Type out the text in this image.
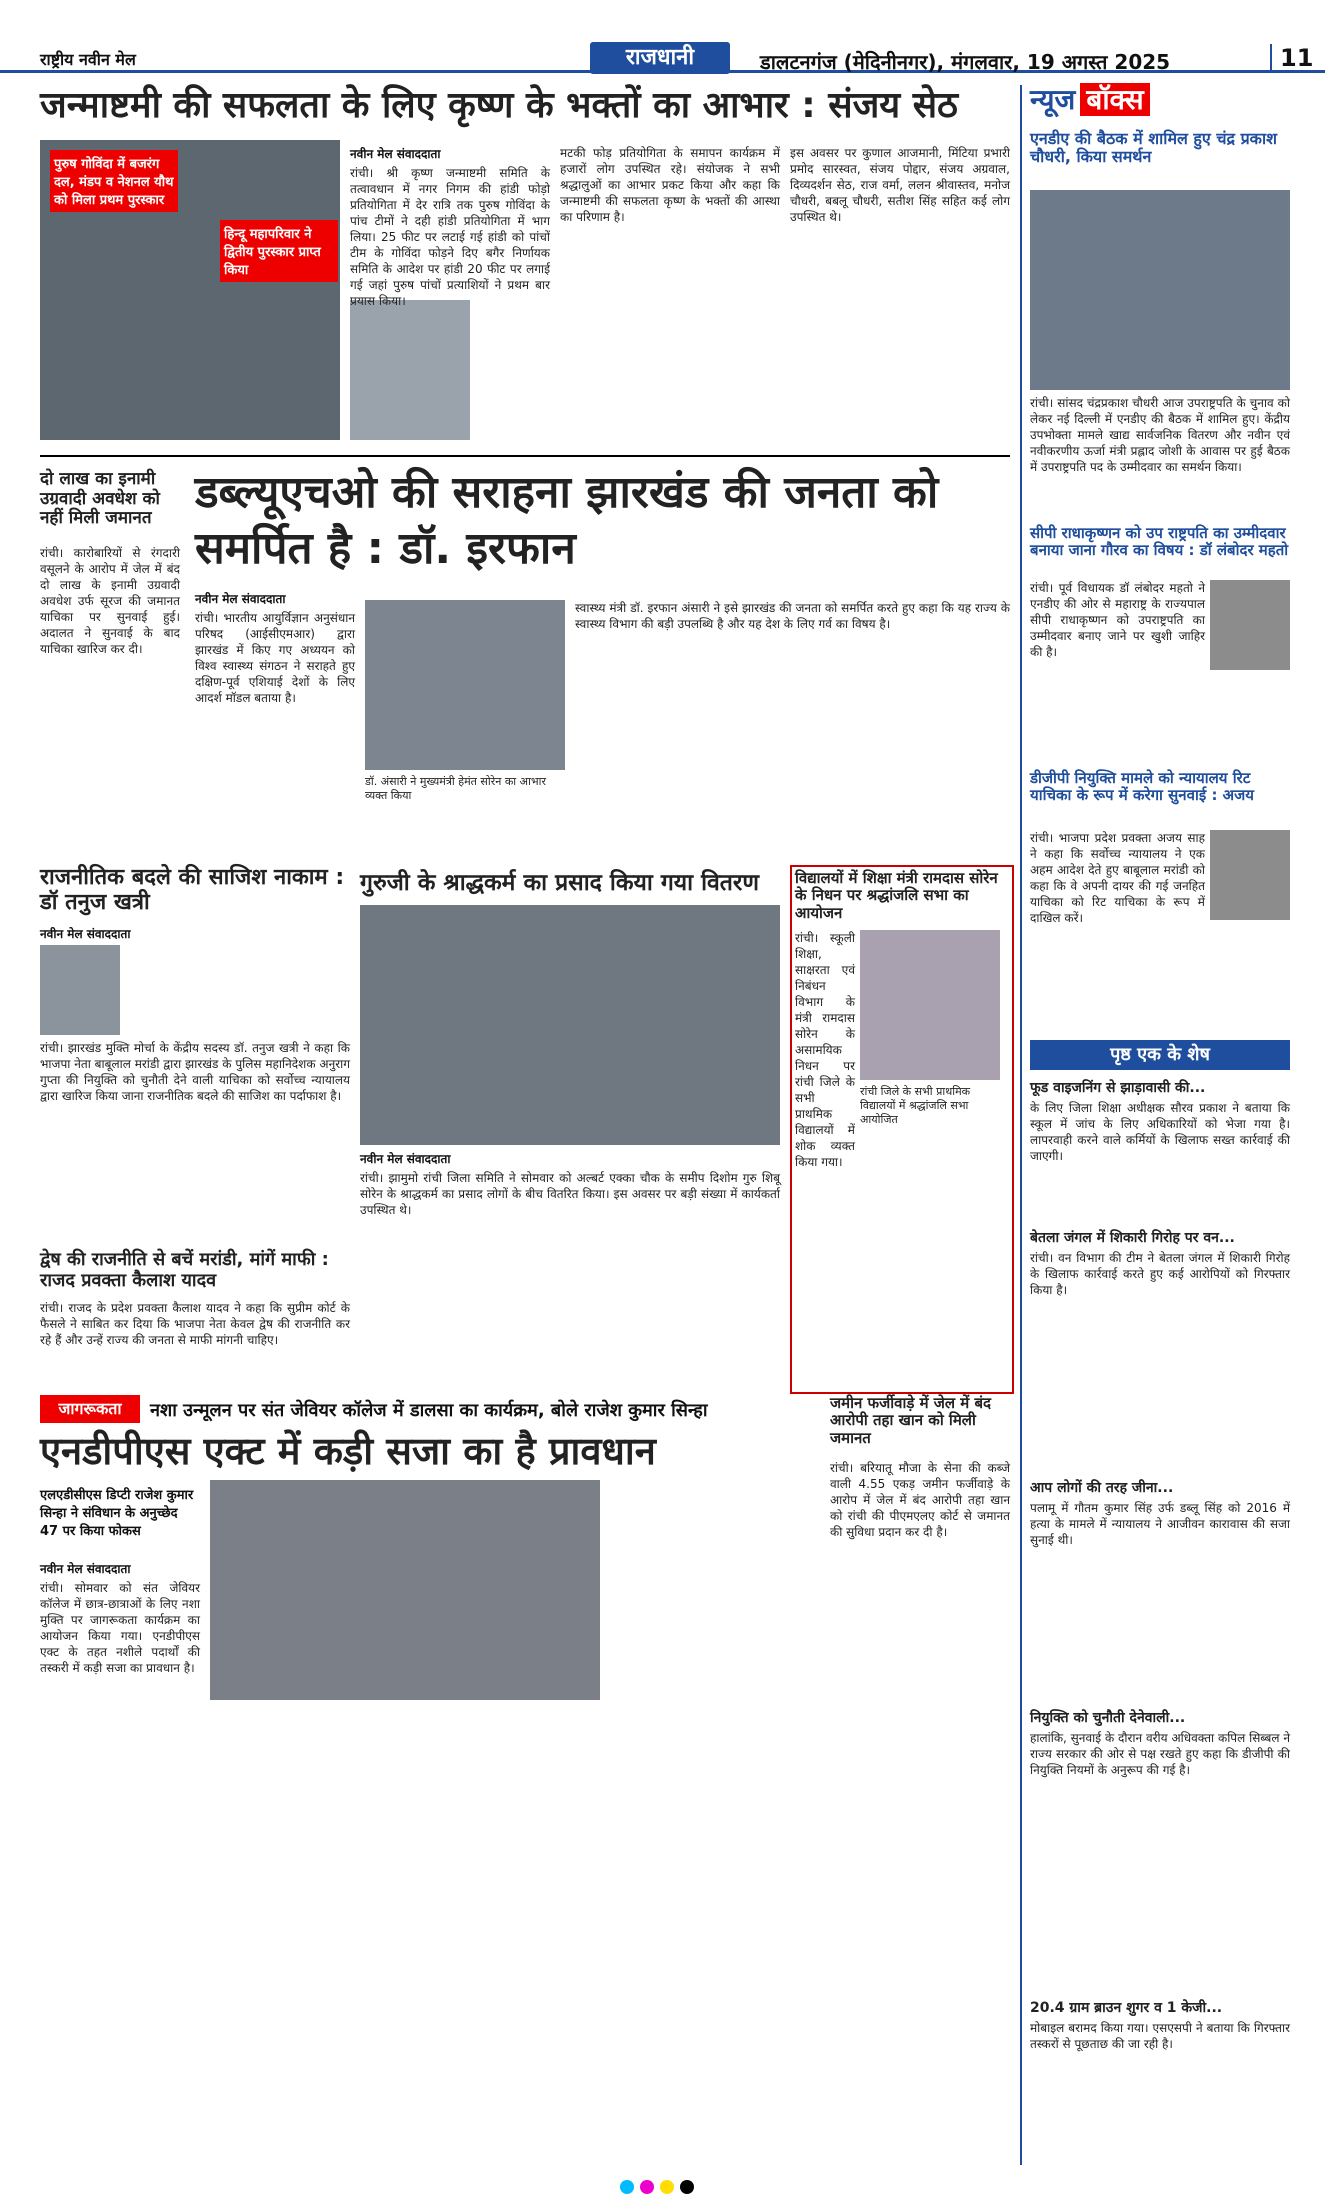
राष्ट्रीय नवीन मेल	राजधानी	डालटनगंज (मेदिनीनगर), मंगलवार, 19 अगस्त 2025	11
जन्माष्टमी की सफलता के लिए कृष्ण के भक्तों का आभार : संजय सेठ
पुरुष गोविंदा में बजरंग दल, मंडप व नेशनल यौथ को मिला प्रथम पुरस्कार
हिन्दू महापरिवार ने द्वितीय पुरस्कार प्राप्त किया
नवीन मेल संवाददाता
रांची। श्री कृष्ण जन्माष्टमी समिति के तत्वावधान में नगर निगम की हांडी फोड़ो प्रतियोगिता में देर रात्रि तक पुरुष गोविंदा के पांच टीमों ने दही हांडी प्रतियोगिता में भाग लिया। 25 फीट पर लटाई गई हांडी को पांचों टीम के गोविंदा फोड़ने दिए बगैर निर्णायक समिति के आदेश पर हांडी 20 फीट पर लगाई गई जहां पुरुष पांचों प्रत्याशियों ने प्रथम बार प्रयास किया।
मटकी फोड़ प्रतियोगिता के समापन कार्यक्रम में हजारों लोग उपस्थित रहे। संयोजक ने सभी श्रद्धालुओं का आभार प्रकट किया और कहा कि जन्माष्टमी की सफलता कृष्ण के भक्तों की आस्था का परिणाम है।
इस अवसर पर कुणाल आजमानी, मिंटिया प्रभारी प्रमोद सारस्वत, संजय पोद्दार, संजय अग्रवाल, दिव्यदर्शन सेठ, राज वर्मा, ललन श्रीवास्तव, मनोज चौधरी, बबलू चौधरी, सतीश सिंह सहित कई लोग उपस्थित थे।
दो लाख का इनामी उग्रवादी अवधेश को नहीं मिली जमानत
रांची। कारोबारियों से रंगदारी वसूलने के आरोप में जेल में बंद दो लाख के इनामी उग्रवादी अवधेश उर्फ सूरज की जमानत याचिका पर सुनवाई हुई। अदालत ने सुनवाई के बाद याचिका खारिज कर दी।
डब्ल्यूएचओ की सराहना झारखंड की जनता को समर्पित है : डॉ. इरफान
नवीन मेल संवाददाता
रांची। भारतीय आयुर्विज्ञान अनुसंधान परिषद (आईसीएमआर) द्वारा झारखंड में किए गए अध्ययन को विश्व स्वास्थ्य संगठन ने सराहते हुए दक्षिण-पूर्व एशियाई देशों के लिए आदर्श मॉडल बताया है।
डॉ. अंसारी ने मुख्यमंत्री हेमंत सोरेन का आभार व्यक्त किया
स्वास्थ्य मंत्री डॉ. इरफान अंसारी ने इसे झारखंड की जनता को समर्पित करते हुए कहा कि यह राज्य के स्वास्थ्य विभाग की बड़ी उपलब्धि है और यह देश के लिए गर्व का विषय है।
राजनीतिक बदले की साजिश नाकाम : डॉ तनुज खत्री
नवीन मेल संवाददाता
रांची। झारखंड मुक्ति मोर्चा के केंद्रीय सदस्य डॉ. तनुज खत्री ने कहा कि भाजपा नेता बाबूलाल मरांडी द्वारा झारखंड के पुलिस महानिदेशक अनुराग गुप्ता की नियुक्ति को चुनौती देने वाली याचिका को सर्वोच्च न्यायालय द्वारा खारिज किया जाना राजनीतिक बदले की साजिश का पर्दाफाश है।
द्वेष की राजनीति से बचें मरांडी, मांगें माफी : राजद प्रवक्ता कैलाश यादव
रांची। राजद के प्रदेश प्रवक्ता कैलाश यादव ने कहा कि सुप्रीम कोर्ट के फैसले ने साबित कर दिया कि भाजपा नेता केवल द्वेष की राजनीति कर रहे हैं और उन्हें राज्य की जनता से माफी मांगनी चाहिए।
गुरुजी के श्राद्धकर्म का प्रसाद किया गया वितरण
नवीन मेल संवाददाता
रांची। झामुमो रांची जिला समिति ने सोमवार को अल्बर्ट एक्का चौक के समीप दिशोम गुरु शिबू सोरेन के श्राद्धकर्म का प्रसाद लोगों के बीच वितरित किया। इस अवसर पर बड़ी संख्या में कार्यकर्ता उपस्थित थे।
विद्यालयों में शिक्षा मंत्री रामदास सोरेन के निधन पर श्रद्धांजलि सभा का आयोजन
रांची जिले के सभी प्राथमिक विद्यालयों में श्रद्धांजलि सभा आयोजित
रांची। स्कूली शिक्षा, साक्षरता एवं निबंधन विभाग के मंत्री रामदास सोरेन के असामयिक निधन पर रांची जिले के सभी प्राथमिक विद्यालयों में शोक व्यक्त किया गया।
जागरूकता	नशा उन्मूलन पर संत जेवियर कॉलेज में डालसा का कार्यक्रम, बोले राजेश कुमार सिन्हा
एनडीपीएस एक्ट में कड़ी सजा का है प्रावधान
एलएडीसीएस डिप्टी राजेश कुमार सिन्हा ने संविधान के अनुच्छेद 47 पर किया फोकस
नवीन मेल संवाददाता
रांची। सोमवार को संत जेवियर कॉलेज में छात्र-छात्राओं के लिए नशा मुक्ति पर जागरूकता कार्यक्रम का आयोजन किया गया। एनडीपीएस एक्ट के तहत नशीले पदार्थों की तस्करी में कड़ी सजा का प्रावधान है।
जमीन फर्जीवाड़े में जेल में बंद आरोपी तहा खान को मिली जमानत
रांची। बरियातू मौजा के सेना की कब्जे वाली 4.55 एकड़ जमीन फर्जीवाड़े के आरोप में जेल में बंद आरोपी तहा खान को रांची की पीएमएलए कोर्ट से जमानत की सुविधा प्रदान कर दी है।
न्यूज बॉक्स
एनडीए की बैठक में शामिल हुए चंद्र प्रकाश चौधरी, किया समर्थन
रांची। सांसद चंद्रप्रकाश चौधरी आज उपराष्ट्रपति के चुनाव को लेकर नई दिल्ली में एनडीए की बैठक में शामिल हुए। केंद्रीय उपभोक्ता मामले खाद्य सार्वजनिक वितरण और नवीन एवं नवीकरणीय ऊर्जा मंत्री प्रह्लाद जोशी के आवास पर हुई बैठक में उपराष्ट्रपति पद के उम्मीदवार का समर्थन किया।
सीपी राधाकृष्णन को उप राष्ट्रपति का उम्मीदवार बनाया जाना गौरव का विषय : डॉ लंबोदर महतो
रांची। पूर्व विधायक डॉ लंबोदर महतो ने एनडीए की ओर से महाराष्ट्र के राज्यपाल सीपी राधाकृष्णन को उपराष्ट्रपति का उम्मीदवार बनाए जाने पर खुशी जाहिर की है।
डीजीपी नियुक्ति मामले को न्यायालय रिट याचिका के रूप में करेगा सुनवाई : अजय
रांची। भाजपा प्रदेश प्रवक्ता अजय साह ने कहा कि सर्वोच्च न्यायालय ने एक अहम आदेश देते हुए बाबूलाल मरांडी को कहा कि वे अपनी दायर की गई जनहित याचिका को रिट याचिका के रूप में दाखिल करें।
पृष्ठ एक के शेष
फूड वाइजनिंग से झाड़ावासी की...
के लिए जिला शिक्षा अधीक्षक सौरव प्रकाश ने बताया कि स्कूल में जांच के लिए अधिकारियों को भेजा गया है। लापरवाही करने वाले कर्मियों के खिलाफ सख्त कार्रवाई की जाएगी।
बेतला जंगल में शिकारी गिरोह पर वन...
रांची। वन विभाग की टीम ने बेतला जंगल में शिकारी गिरोह के खिलाफ कार्रवाई करते हुए कई आरोपियों को गिरफ्तार किया है।
आप लोगों की तरह जीना...
पलामू में गौतम कुमार सिंह उर्फ डब्लू सिंह को 2016 में हत्या के मामले में न्यायालय ने आजीवन कारावास की सजा सुनाई थी।
नियुक्ति को चुनौती देनेवाली...
हालांकि, सुनवाई के दौरान वरीय अधिवक्ता कपिल सिब्बल ने राज्य सरकार की ओर से पक्ष रखते हुए कहा कि डीजीपी की नियुक्ति नियमों के अनुरूप की गई है।
20.4 ग्राम ब्राउन शुगर व 1 केजी...
मोबाइल बरामद किया गया। एसएसपी ने बताया कि गिरफ्तार तस्करों से पूछताछ की जा रही है।
